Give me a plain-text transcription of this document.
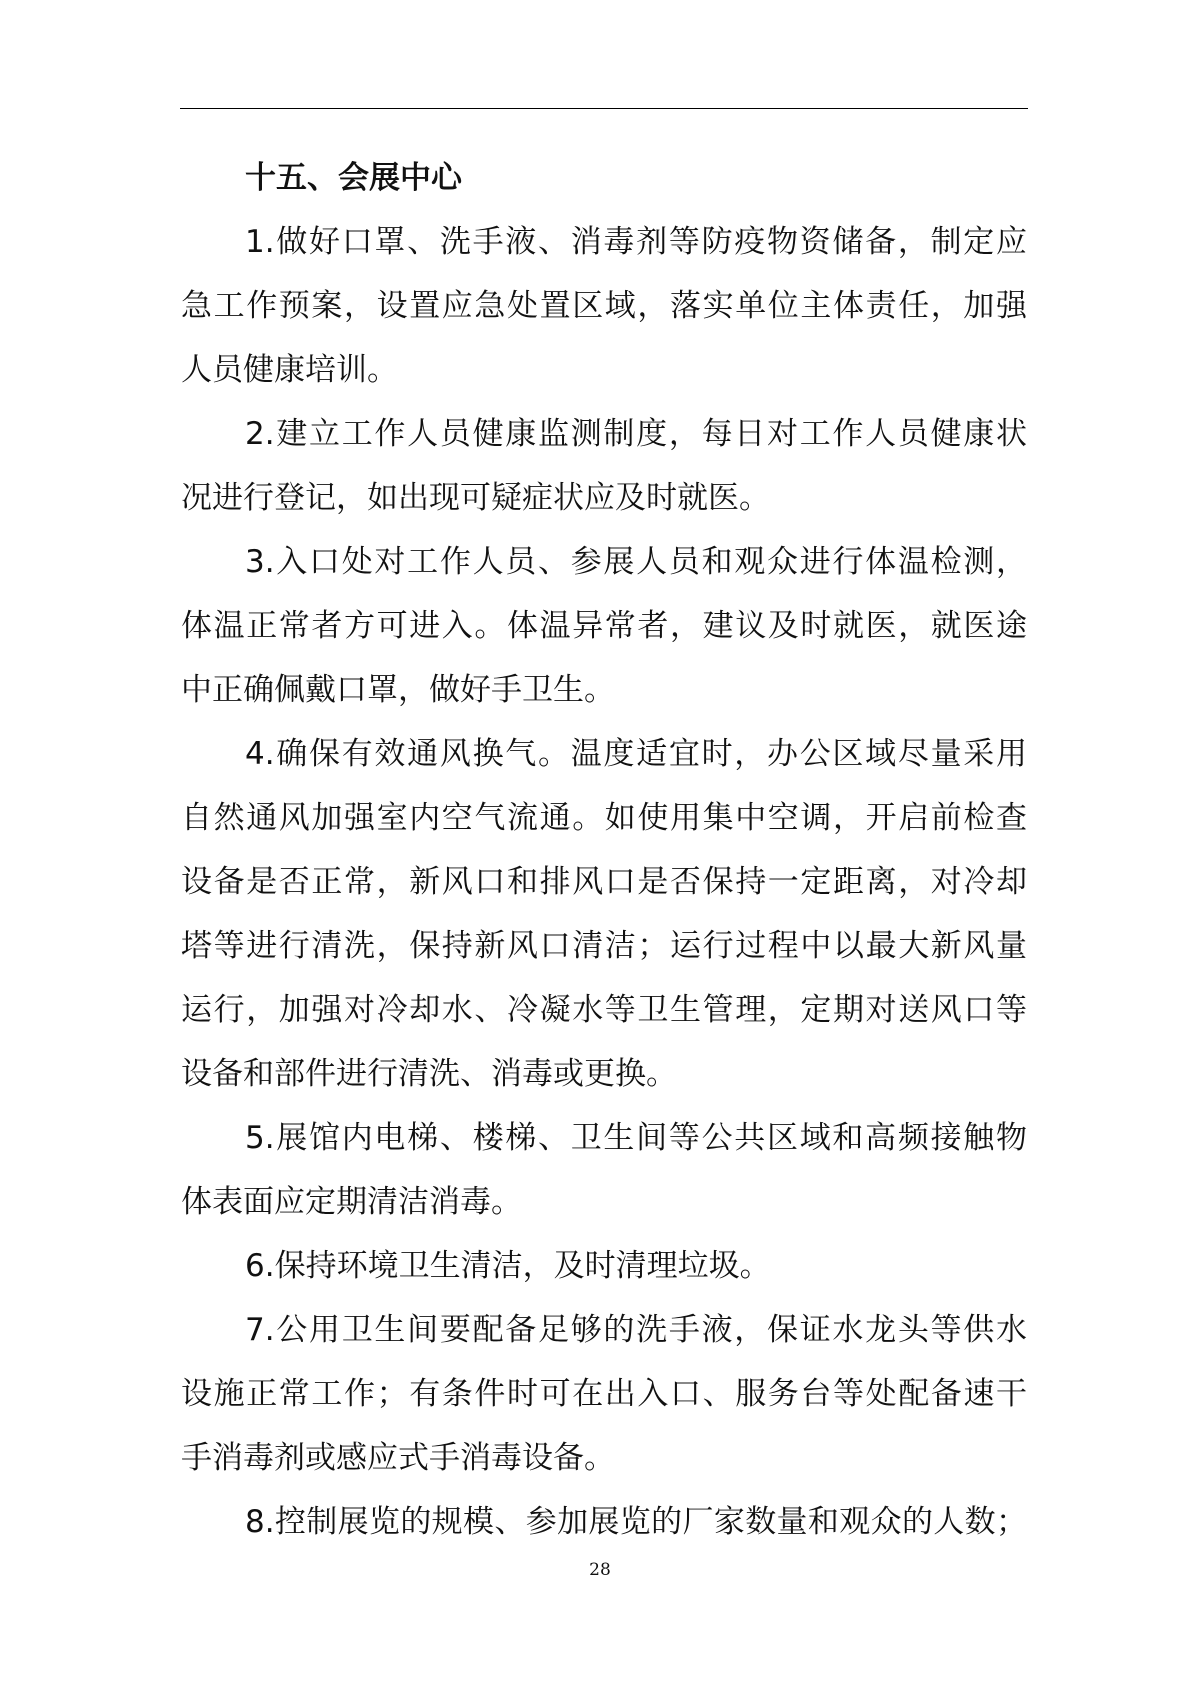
十五、会展中心
1.做好口罩、洗手液、消毒剂等防疫物资储备，制定应
急工作预案，设置应急处置区域，落实单位主体责任，加强
人员健康培训。
2.建立工作人员健康监测制度，每日对工作人员健康状
况进行登记，如出现可疑症状应及时就医。
3.入口处对工作人员、参展人员和观众进行体温检测，
体温正常者方可进入。体温异常者，建议及时就医，就医途
中正确佩戴口罩，做好手卫生。
4.确保有效通风换气。温度适宜时，办公区域尽量采用
自然通风加强室内空气流通。如使用集中空调，开启前检查
设备是否正常，新风口和排风口是否保持一定距离，对冷却
塔等进行清洗，保持新风口清洁；运行过程中以最大新风量
运行，加强对冷却水、冷凝水等卫生管理，定期对送风口等
设备和部件进行清洗、消毒或更换。
5.展馆内电梯、楼梯、卫生间等公共区域和高频接触物
体表面应定期清洁消毒。
6.保持环境卫生清洁，及时清理垃圾。
7.公用卫生间要配备足够的洗手液，保证水龙头等供水
设施正常工作；有条件时可在出入口、服务台等处配备速干
手消毒剂或感应式手消毒设备。
8.控制展览的规模、参加展览的厂家数量和观众的人数；
28
